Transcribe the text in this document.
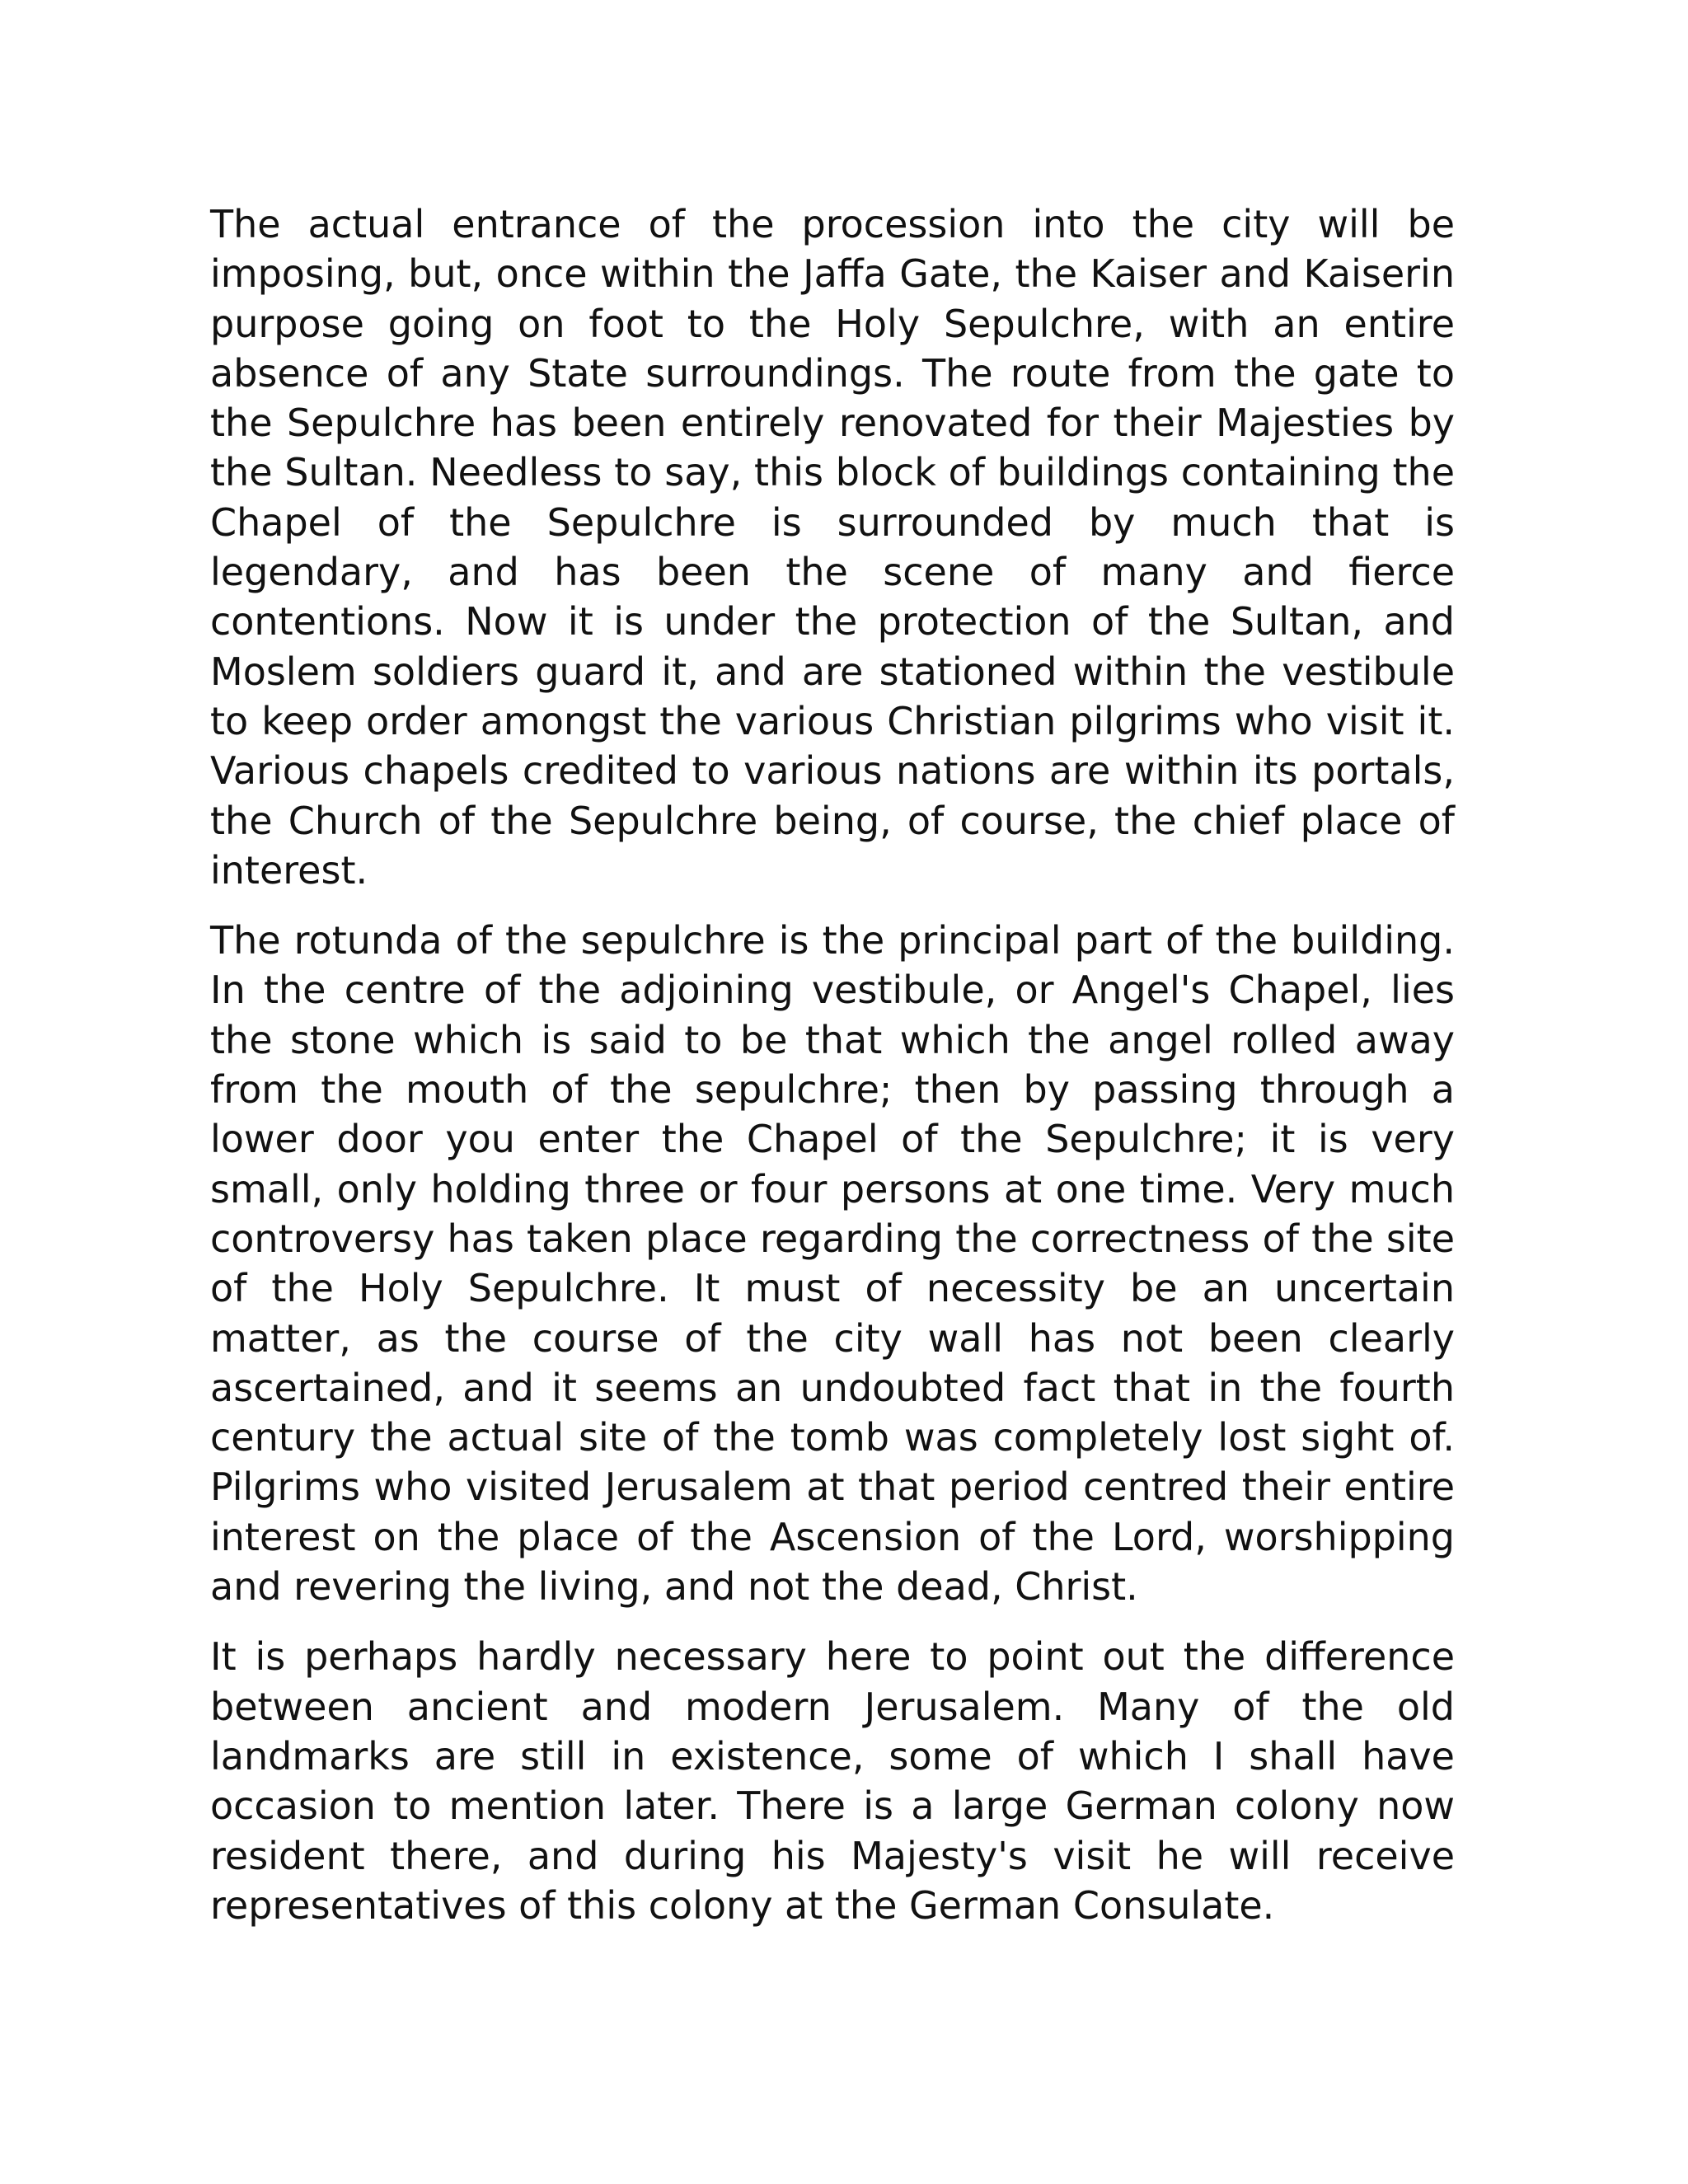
The actual entrance of the procession into the city will be imposing, but, once within the Jaffa Gate, the Kaiser and Kaiserin purpose going on foot to the Holy Sepulchre, with an entire absence of any State surroundings. The route from the gate to the Sepulchre has been entirely renovated for their Majesties by the Sultan. Needless to say, this block of buildings containing the Chapel of the Sepulchre is surrounded by much that is legendary, and has been the scene of many and fierce contentions. Now it is under the protection of the Sultan, and Moslem soldiers guard it, and are stationed within the vestibule to keep order amongst the various Christian pilgrims who visit it. Various chapels credited to various nations are within its portals, the Church of the Sepulchre being, of course, the chief place of interest.

The rotunda of the sepulchre is the principal part of the building. In the centre of the adjoining vestibule, or Angel's Chapel, lies the stone which is said to be that which the angel rolled away from the mouth of the sepulchre; then by passing through a lower door you enter the Chapel of the Sepulchre; it is very small, only holding three or four persons at one time. Very much controversy has taken place regarding the correctness of the site of the Holy Sepulchre. It must of necessity be an uncertain matter, as the course of the city wall has not been clearly ascertained, and it seems an undoubted fact that in the fourth century the actual site of the tomb was completely lost sight of. Pilgrims who visited Jerusalem at that period centred their entire interest on the place of the Ascension of the Lord, worshipping and revering the living, and not the dead, Christ.

It is perhaps hardly necessary here to point out the difference between ancient and modern Jerusalem. Many of the old landmarks are still in existence, some of which I shall have occasion to mention later. There is a large German colony now resident there, and during his Majesty's visit he will receive representatives of this colony at the German Consulate.
